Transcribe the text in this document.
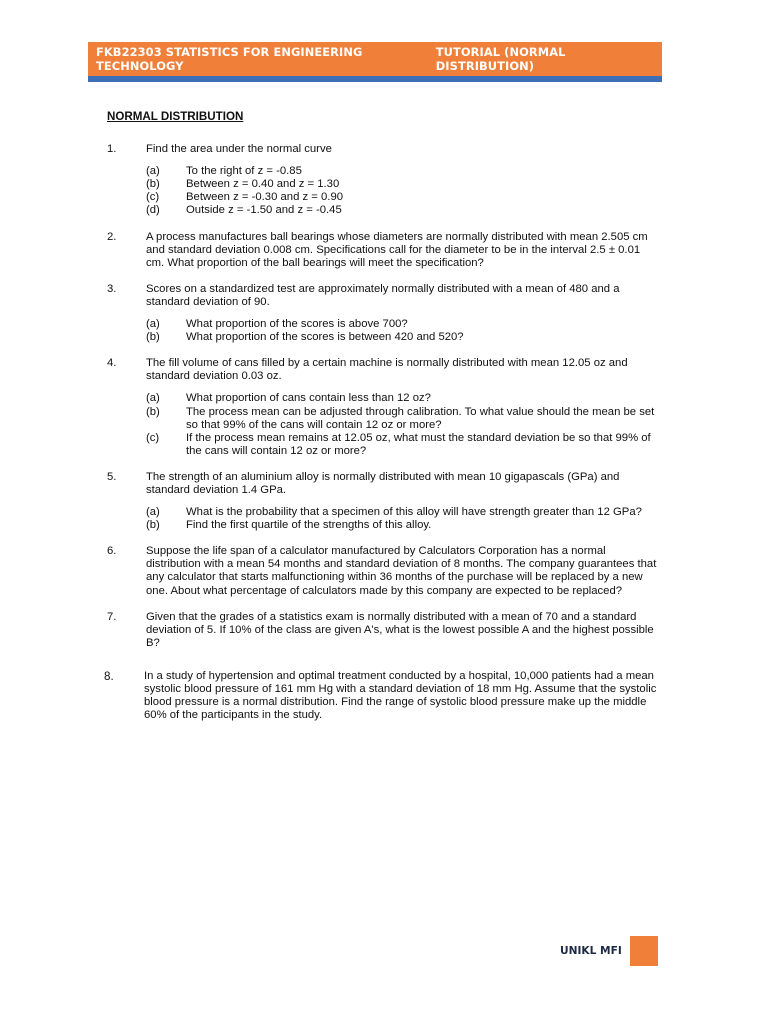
FKB22303 STATISTICS FOR ENGINEERING TECHNOLOGY
TUTORIAL (NORMAL DISTRIBUTION)
NORMAL DISTRIBUTION
1.	Find the area under the normal curve

(a)	To the right of z = -0.85
(b)	Between z = 0.40 and z = 1.30
(c)	Between z = -0.30 and z = 0.90
(d)	Outside z = -1.50 and z = -0.45
2.	A process manufactures ball bearings whose diameters are normally distributed with mean 2.505 cm and standard deviation 0.008 cm. Specifications call for the diameter to be in the interval 2.5 ± 0.01 cm. What proportion of the ball bearings will meet the specification?

3.	Scores on a standardized test are approximately normally distributed with a mean of 480 and a standard deviation of 90.

(a)	What proportion of the scores is above 700?
(b)	What proportion of the scores is between 420 and 520?
4.	The fill volume of cans filled by a certain machine is normally distributed with mean 12.05 oz and standard deviation 0.03 oz.

(a)	What proportion of cans contain less than 12 oz?
(b)	The process mean can be adjusted through calibration. To what value should the mean be set so that 99% of the cans will contain 12 oz or more?
(c)	If the process mean remains at 12.05 oz, what must the standard deviation be so that 99% of the cans will contain 12 oz or more?
5.	The strength of an aluminium alloy is normally distributed with mean 10 gigapascals (GPa) and standard deviation 1.4 GPa.

(a)	What is the probability that a specimen of this alloy will have strength greater than 12 GPa?
(b)	Find the first quartile of the strengths of this alloy.
6.	Suppose the life span of a calculator manufactured by Calculators Corporation has a normal distribution with a mean 54 months and standard deviation of 8 months. The company guarantees that any calculator that starts malfunctioning within 36 months of the purchase will be replaced by a new one. About what percentage of calculators made by this company are expected to be replaced?

7.	Given that the grades of a statistics exam is normally distributed with a mean of 70 and a standard deviation of 5. If 10% of the class are given A's, what is the lowest possible A and the highest possible B?

8.	In a study of hypertension and optimal treatment conducted by a hospital, 10,000 patients had a mean systolic blood pressure of 161 mm Hg with a standard deviation of 18 mm Hg. Assume that the systolic blood pressure is a normal distribution. Find the range of systolic blood pressure make up the middle 60% of the participants in the study.

UNIKL MFI
